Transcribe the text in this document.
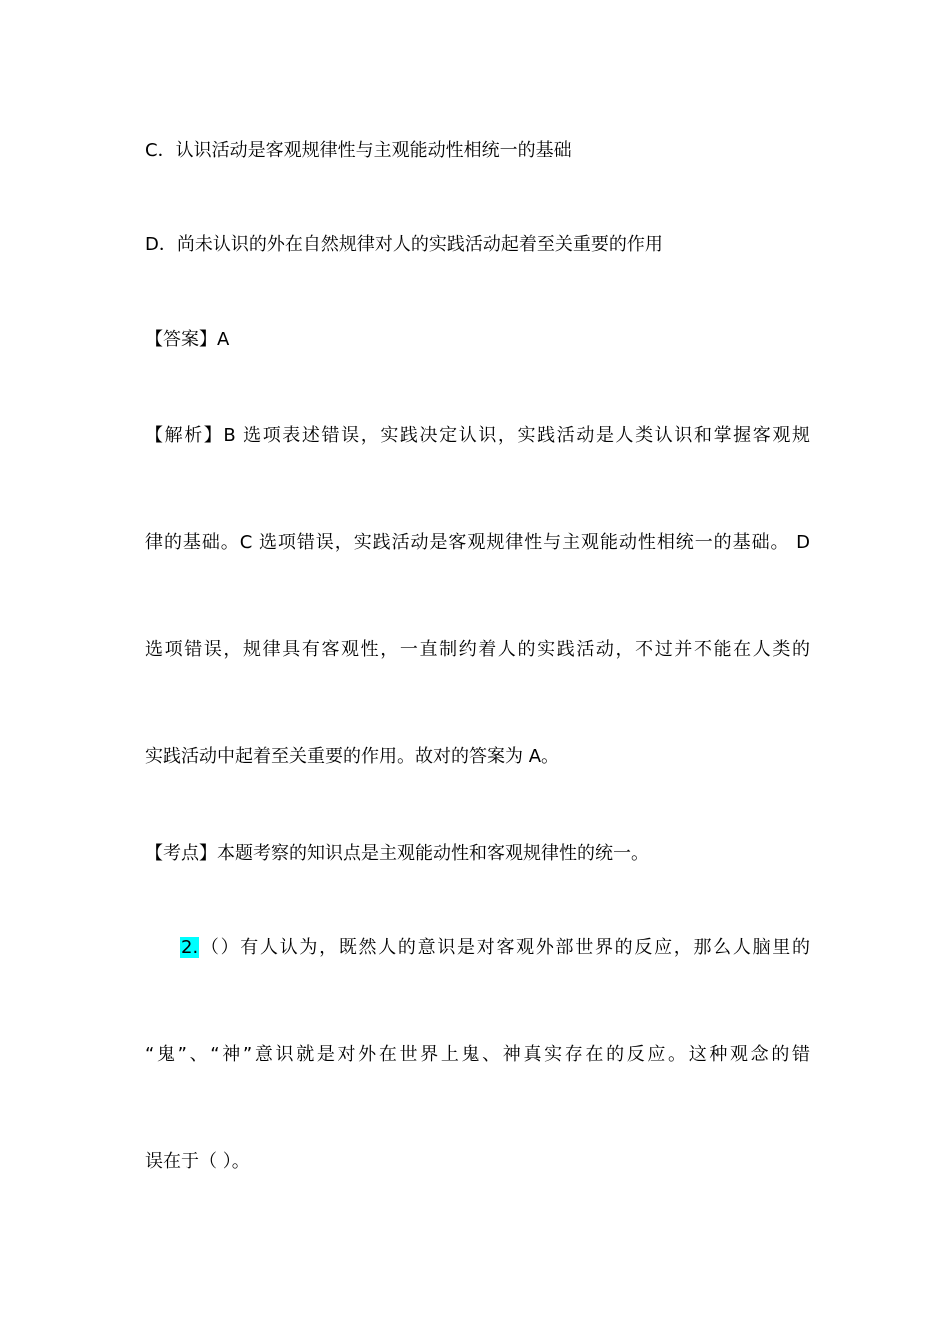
C．认识活动是客观规律性与主观能动性相统一的基础
D．尚未认识的外在自然规律对人的实践活动起着至关重要的作用
【答案】A
【解析】B 选项表述错误，实践决定认识，实践活动是人类认识和掌握客观规
律的基础。C 选项错误，实践活动是客观规律性与主观能动性相统一的基础。 D
选项错误，规律具有客观性，一直制约着人的实践活动，不过并不能在人类的
实践活动中起着至关重要的作用。故对的答案为 A。
【考点】本题考察的知识点是主观能动性和客观规律性的统一。
2.（）有人认为，既然人的意识是对客观外部世界的反应，那么人脑里的
“鬼”、“神”意识就是对外在世界上鬼、神真实存在的反应。这种观念的错
误在于（ ）。
